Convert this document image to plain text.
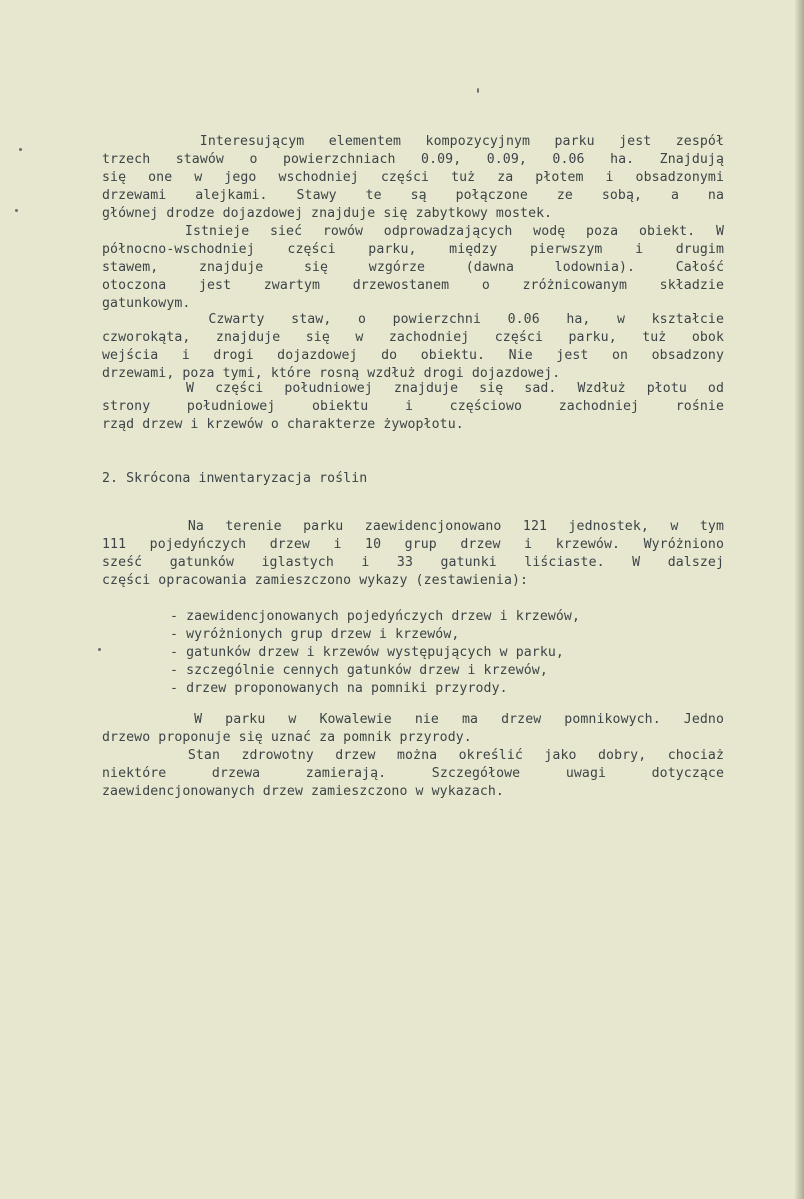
Interesującym elementem kompozycyjnym parku jest zespół
trzech stawów o powierzchniach 0.09, 0.09, 0.06 ha. Znajdują
się one w jego wschodniej części tuż za płotem i obsadzonymi
drzewami alejkami. Stawy te są połączone ze sobą, a na
głównej drodze dojazdowej znajduje się zabytkowy mostek.
Istnieje sieć rowów odprowadzających wodę poza obiekt. W
północno-wschodniej części parku, między pierwszym i drugim
stawem, znajduje się wzgórze (dawna lodownia). Całość
otoczona jest zwartym drzewostanem o zróżnicowanym składzie
gatunkowym.
Czwarty staw, o powierzchni 0.06 ha, w kształcie
czworokąta, znajduje się w zachodniej części parku, tuż obok
wejścia i drogi dojazdowej do obiektu. Nie jest on obsadzony
drzewami, poza tymi, które rosną wzdłuż drogi dojazdowej.
W części południowej znajduje się sad. Wzdłuż płotu od
strony południowej obiektu i częściowo zachodniej rośnie
rząd drzew i krzewów o charakterze żywopłotu.
2. Skrócona inwentaryzacja roślin
Na terenie parku zaewidencjonowano 121 jednostek, w tym
111 pojedyńczych drzew i 10 grup drzew i krzewów. Wyróżniono
sześć gatunków iglastych i 33 gatunki liściaste. W dalszej
części opracowania zamieszczono wykazy (zestawienia):
- zaewidencjonowanych pojedyńczych drzew i krzewów,
- wyróżnionych grup drzew i krzewów,
- gatunków drzew i krzewów występujących w parku,
- szczególnie cennych gatunków drzew i krzewów,
- drzew proponowanych na pomniki przyrody.
W parku w Kowalewie nie ma drzew pomnikowych. Jedno
drzewo proponuje się uznać za pomnik przyrody.
Stan zdrowotny drzew można określić jako dobry, chociaż
niektóre drzewa zamierają. Szczegółowe uwagi dotyczące
zaewidencjonowanych drzew zamieszczono w wykazach.
